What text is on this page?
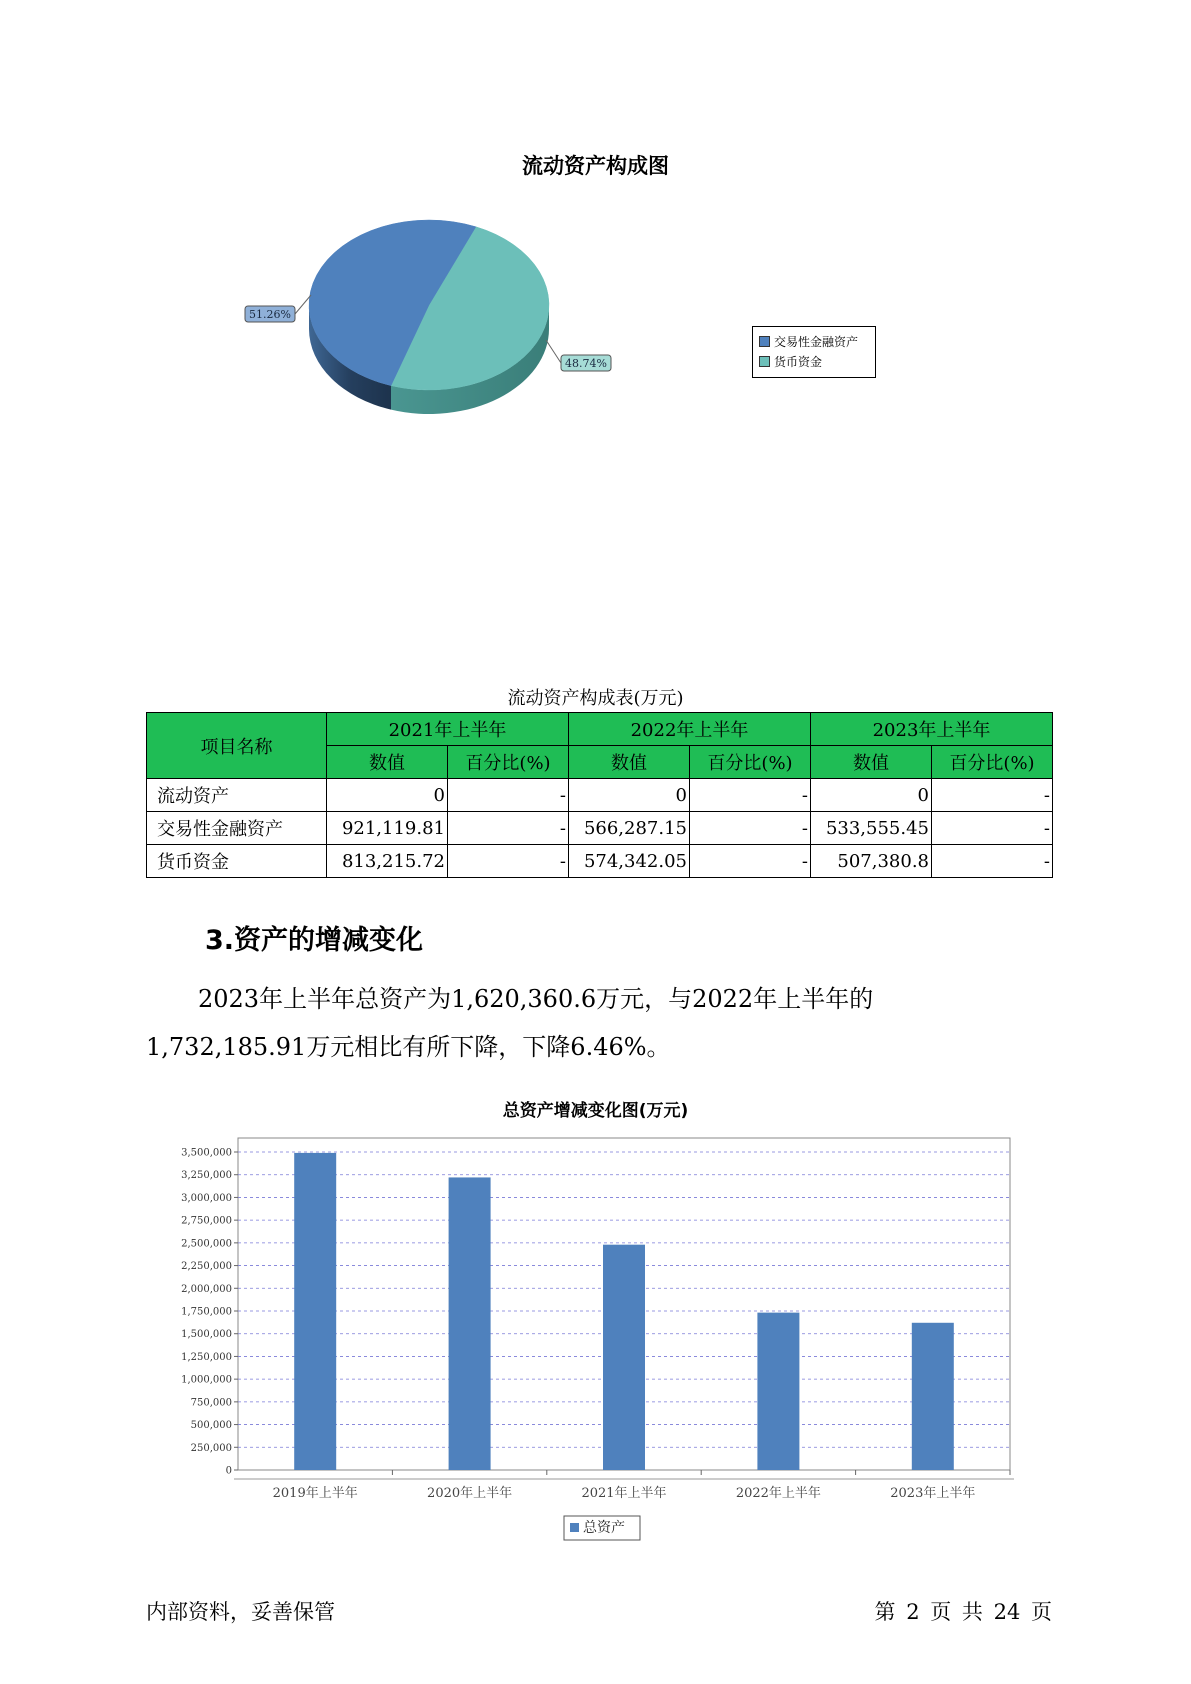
流动资产构成图
51.26%
48.74%
交易性金融资产
货币资金
流动资产构成表(万元)
项目名称	2021年上半年		2022年上半年		2023年上半年	
	数值	百分比(%)	数值	百分比(%)	数值	百分比(%)
流动资产	0	-	0	-	0	-
交易性金融资产	921,119.81	-	566,287.15	-	533,555.45	-
货币资金	813,215.72	-	574,342.05	-	507,380.8	-
3.资产的增减变化
2023年上半年总资产为1,620,360.6万元，与2022年上半年的1,732,185.91万元相比有所下降，下降6.46%。
总资产增减变化图(万元)
0
250,000
500,000
750,000
1,000,000
1,250,000
1,500,000
1,750,000
2,000,000
2,250,000
2,500,000
2,750,000
3,000,000
3,250,000
3,500,000
2019年上半年	2020年上半年	2021年上半年	2022年上半年	2023年上半年
总资产
内部资料，妥善保管	第 2 页 共 24 页
